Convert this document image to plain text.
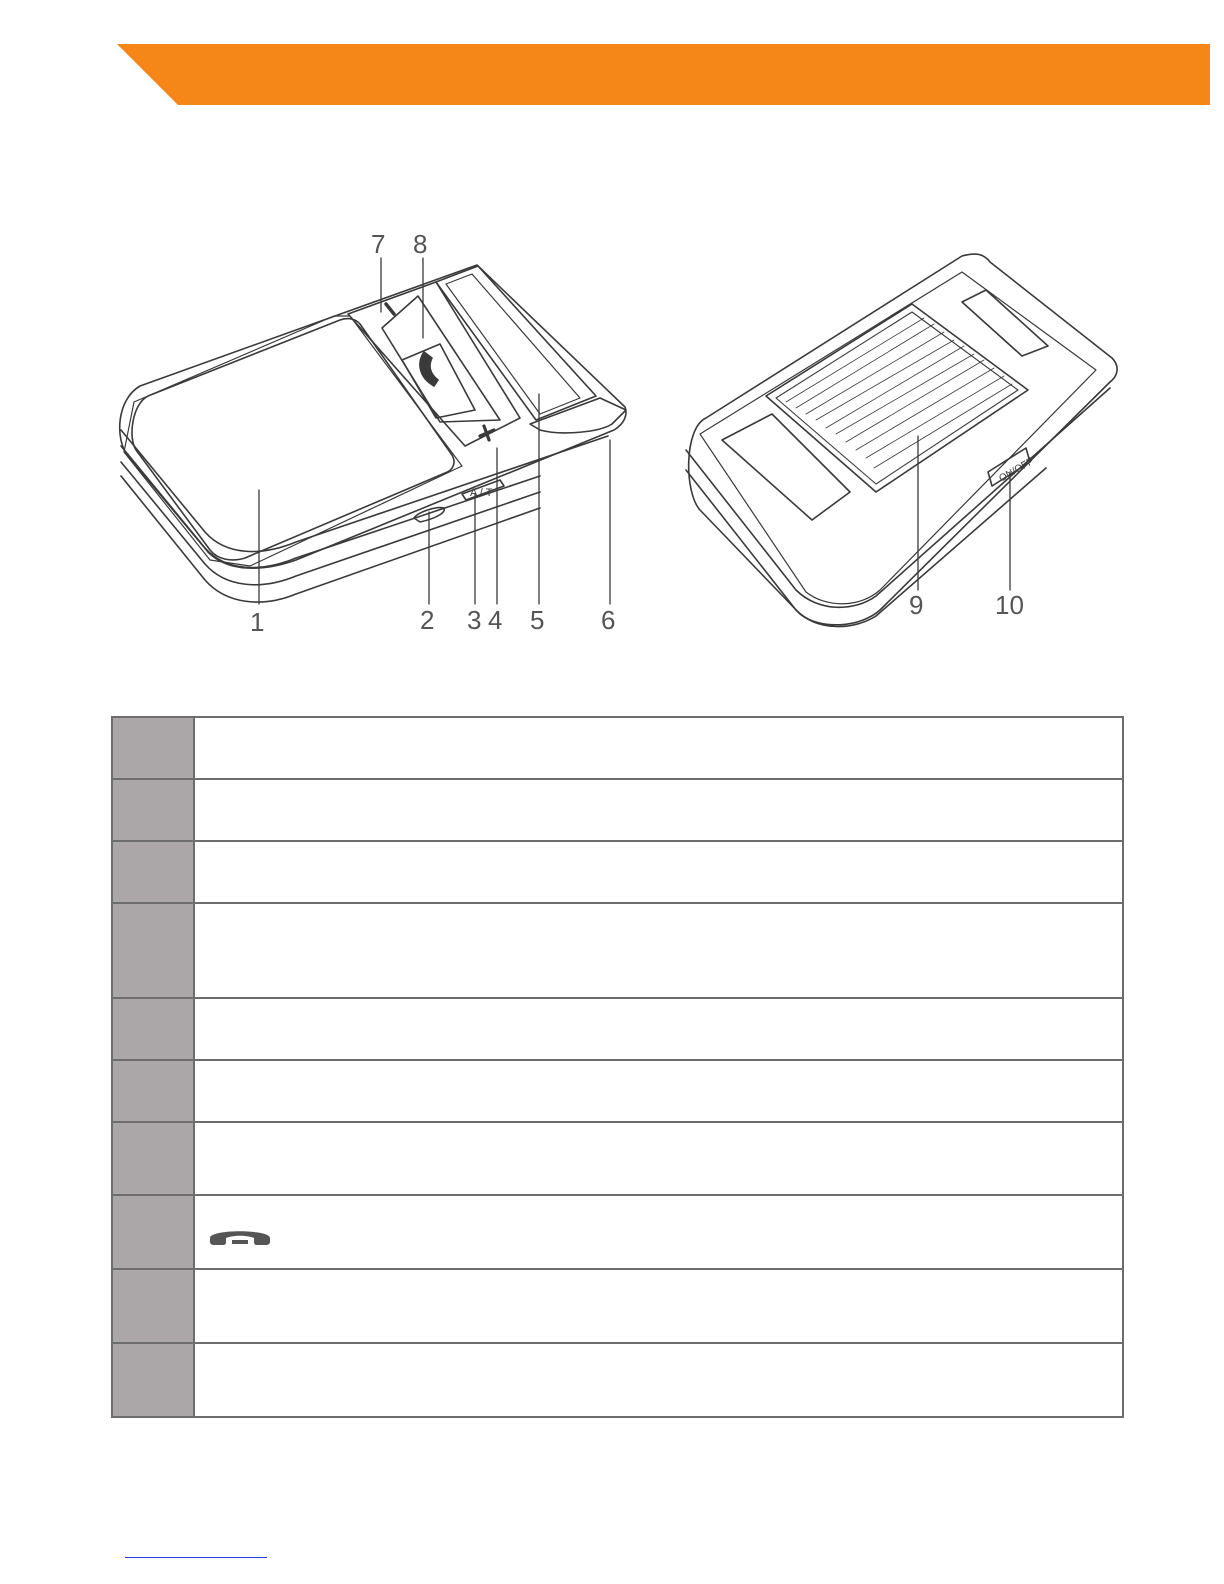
A / T
ON/OFF
7 8
1	2 3 4 5 6	9	10
